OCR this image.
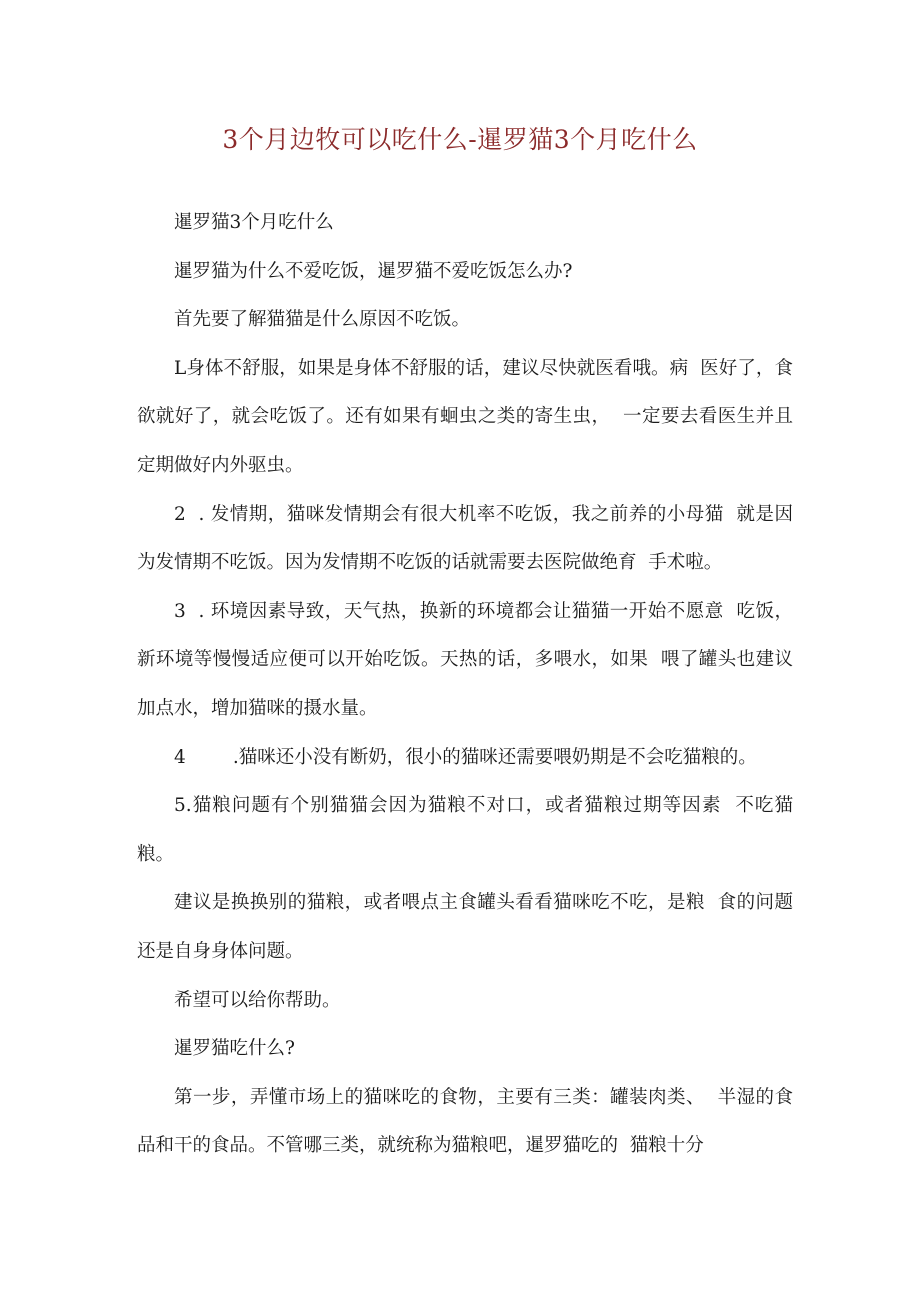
3个月边牧可以吃什么-暹罗猫3个月吃什么

暹罗猫3个月吃什么

暹罗猫为什么不爱吃饭，暹罗猫不爱吃饭怎么办?

首先要了解猫猫是什么原因不吃饭。

L身体不舒服，如果是身体不舒服的话，建议尽快就医看哦。病  医好了，食欲就好了，就会吃饭了。还有如果有蛔虫之类的寄生虫，  一定要去看医生并且定期做好内外驱虫。

2  . 发情期，猫咪发情期会有很大机率不吃饭，我之前养的小母猫  就是因为发情期不吃饭。因为发情期不吃饭的话就需要去医院做绝育  手术啦。

3  . 环境因素导致，天气热，换新的环境都会让猫猫一开始不愿意  吃饭，新环境等慢慢适应便可以开始吃饭。天热的话，多喂水，如果  喂了罐头也建议加点水，增加猫咪的摄水量。

4        .猫咪还小没有断奶，很小的猫咪还需要喂奶期是不会吃猫粮的。

5.猫粮问题有个别猫猫会因为猫粮不对口，或者猫粮过期等因素  不吃猫粮。

建议是换换别的猫粮，或者喂点主食罐头看看猫咪吃不吃，是粮  食的问题还是自身身体问题。

希望可以给你帮助。

暹罗猫吃什么?

第一步，弄懂市场上的猫咪吃的食物，主要有三类：罐装肉类、  半湿的食品和干的食品。不管哪三类，就统称为猫粮吧，暹罗猫吃的  猫粮十分
